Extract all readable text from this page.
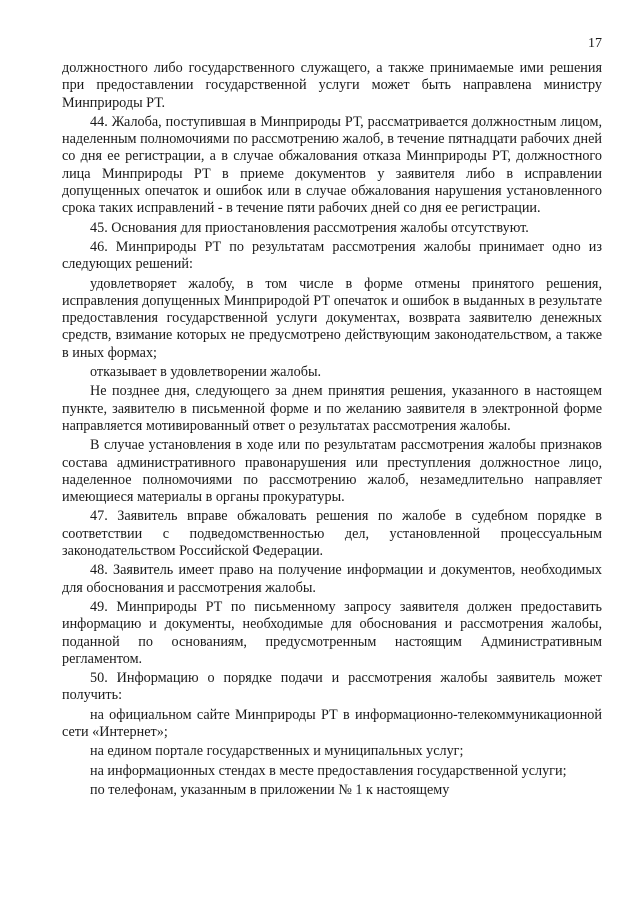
17

должностного либо государственного служащего, а также принимаемые ими решения при предоставлении государственной услуги может быть направлена министру Минприроды РТ.

44. Жалоба, поступившая в Минприроды РТ, рассматривается должностным лицом, наделенным полномочиями по рассмотрению жалоб, в течение пятнадцати рабочих дней со дня ее регистрации, а в случае обжалования отказа Минприроды РТ, должностного лица Минприроды РТ в приеме документов у заявителя либо в исправлении допущенных опечаток и ошибок или в случае обжалования нарушения установленного срока таких исправлений - в течение пяти рабочих дней со дня ее регистрации.

45. Основания для приостановления рассмотрения жалобы отсутствуют.

46. Минприроды РТ по результатам рассмотрения жалобы принимает одно из следующих решений:

удовлетворяет жалобу, в том числе в форме отмены принятого решения, исправления допущенных Минприродой РТ опечаток и ошибок в выданных в результате предоставления государственной услуги документах, возврата заявителю денежных средств, взимание которых не предусмотрено действующим законодательством, а также в иных формах;

отказывает в удовлетворении жалобы.

Не позднее дня, следующего за днем принятия решения, указанного в настоящем пункте, заявителю в письменной форме и по желанию заявителя в электронной форме направляется мотивированный ответ о результатах рассмотрения жалобы.

В случае установления в ходе или по результатам рассмотрения жалобы признаков состава административного правонарушения или преступления должностное лицо, наделенное полномочиями по рассмотрению жалоб, незамедлительно направляет имеющиеся материалы в органы прокуратуры.

47. Заявитель вправе обжаловать решения по жалобе в судебном порядке в соответствии с подведомственностью дел, установленной процессуальным законодательством Российской Федерации.

48. Заявитель имеет право на получение информации и документов, необходимых для обоснования и рассмотрения жалобы.

49. Минприроды РТ по письменному запросу заявителя должен предоставить информацию и документы, необходимые для обоснования и рассмотрения жалобы, поданной по основаниям, предусмотренным настоящим Административным регламентом.

50. Информацию о порядке подачи и рассмотрения жалобы заявитель может получить:

на официальном сайте Минприроды РТ в информационно-телекоммуникационной сети «Интернет»;

на едином портале государственных и муниципальных услуг;

на информационных стендах в месте предоставления государственной услуги;

по телефонам, указанным в приложении № 1 к настоящему
